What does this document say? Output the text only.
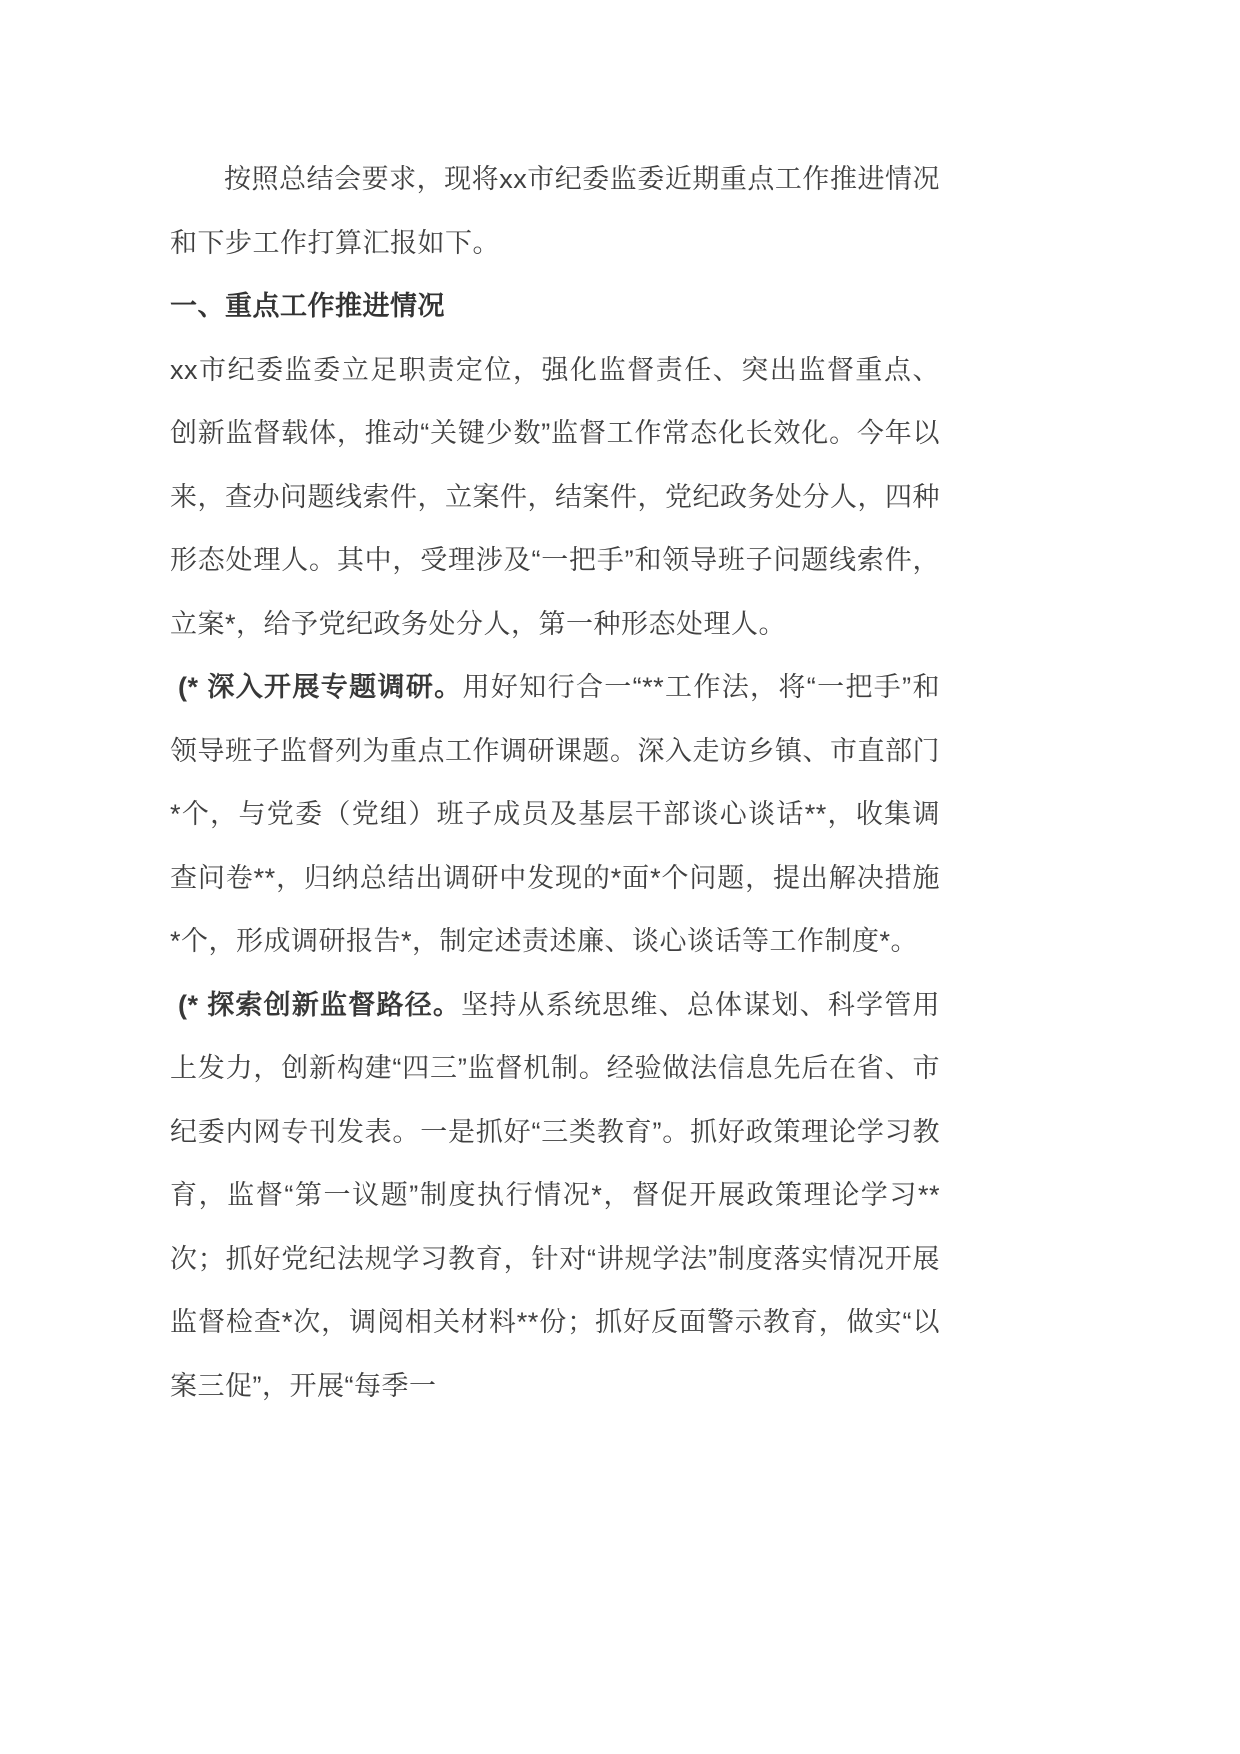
按照总结会要求，现将xx市纪委监委近期重点工作推进情况和下步工作打算汇报如下。

一、重点工作推进情况

xx市纪委监委立足职责定位，强化监督责任、突出监督重点、创新监督载体，推动“关键少数”监督工作常态化长效化。今年以来，查办问题线索件，立案件，结案件，党纪政务处分人，四种形态处理人。其中，受理涉及“一把手”和领导班子问题线索件，立案*，给予党纪政务处分人，第一种形态处理人。

(* 深入开展专题调研。用好知行合一“**工作法，将“一把手”和领导班子监督列为重点工作调研课题。深入走访乡镇、市直部门*个，与党委（党组）班子成员及基层干部谈心谈话**，收集调查问卷**，归纳总结出调研中发现的*面*个问题，提出解决措施*个，形成调研报告*，制定述责述廉、谈心谈话等工作制度*。

(* 探索创新监督路径。坚持从系统思维、总体谋划、科学管用上发力，创新构建“四三”监督机制。经验做法信息先后在省、市纪委内网专刊发表。一是抓好“三类教育”。抓好政策理论学习教育，监督“第一议题”制度执行情况*，督促开展政策理论学习**次；抓好党纪法规学习教育，针对“讲规学法”制度落实情况开展监督检查*次，调阅相关材料**份；抓好反面警示教育，做实“以案三促”，开展“每季一
